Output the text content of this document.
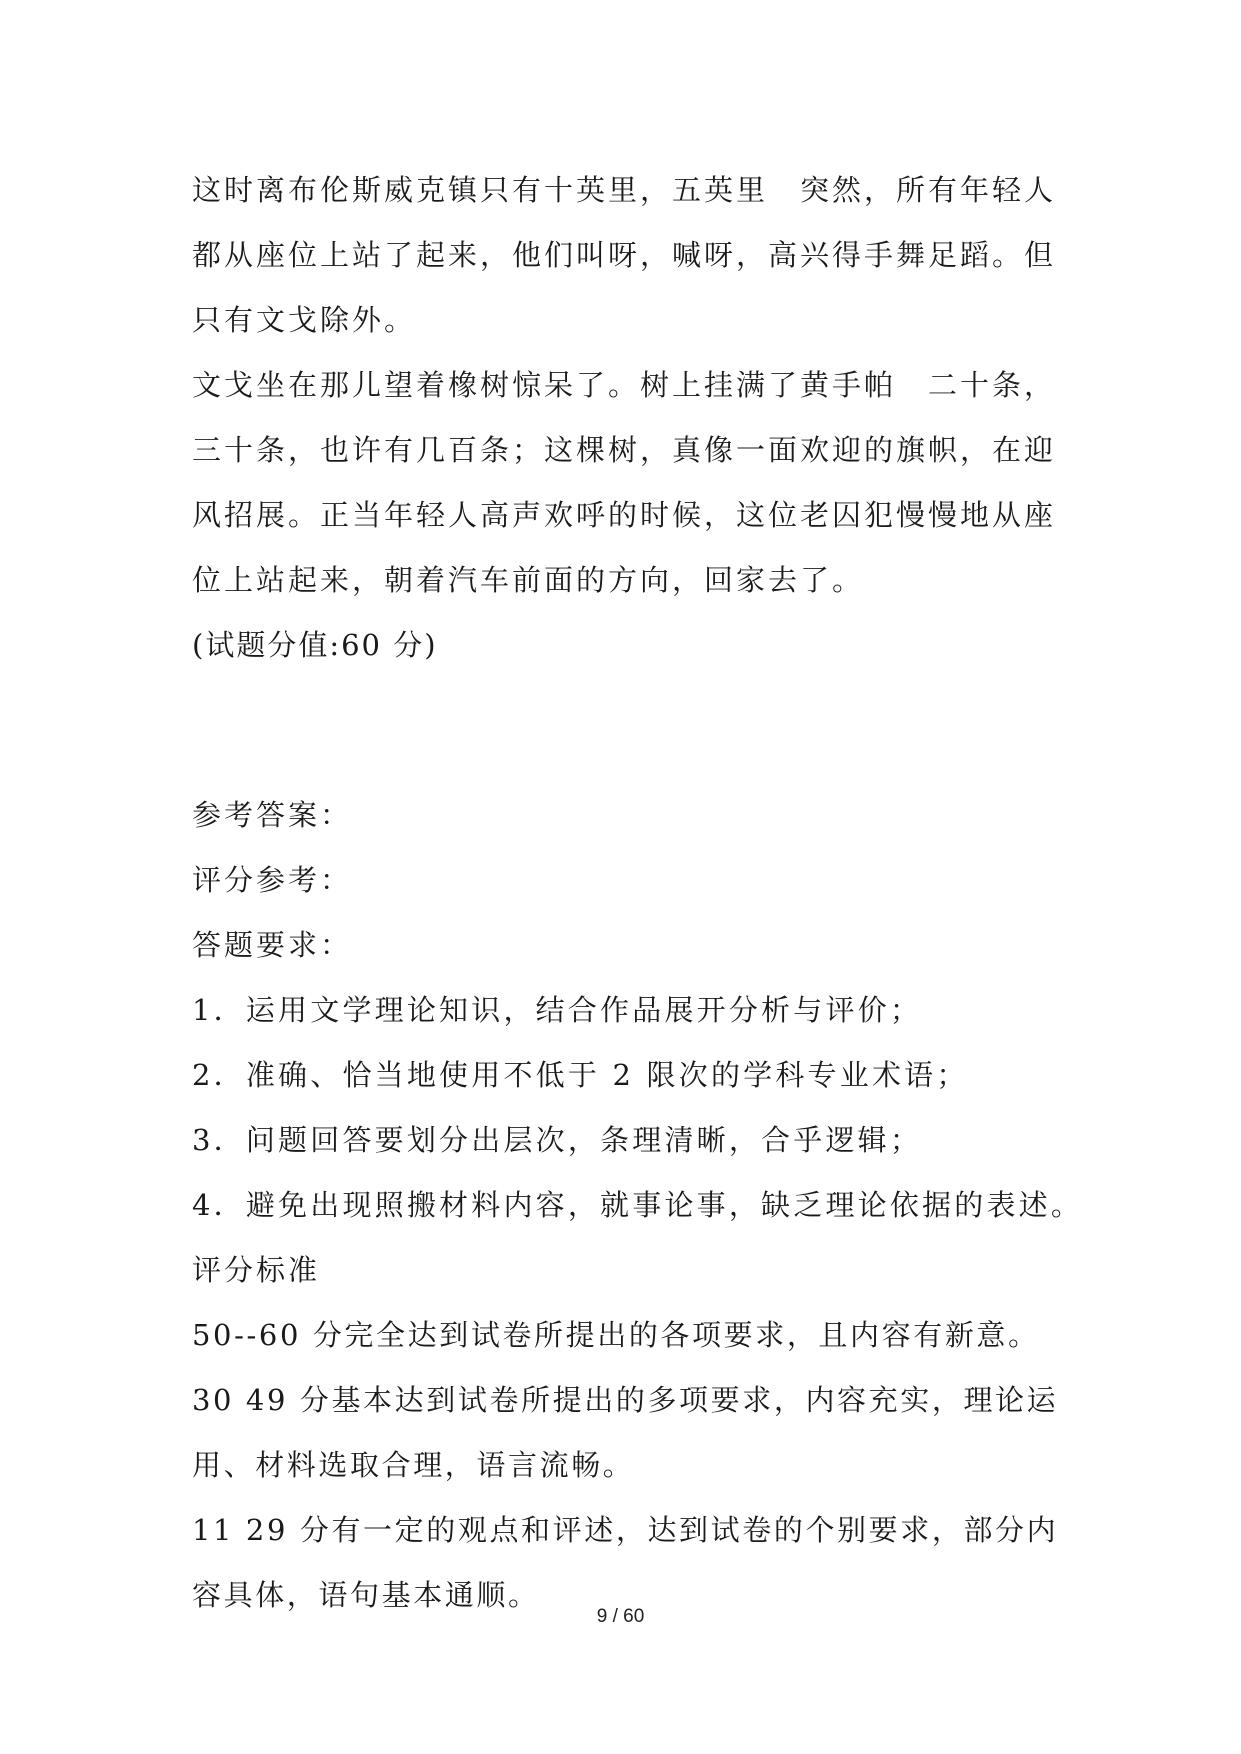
这时离布伦斯威克镇只有十英里，五英里　突然，所有年轻人都从座位上站了起来，他们叫呀，喊呀，高兴得手舞足蹈。但只有文戈除外。

文戈坐在那儿望着橡树惊呆了。树上挂满了黄手帕　二十条，三十条，也许有几百条；这棵树，真像一面欢迎的旗帜，在迎风招展。正当年轻人高声欢呼的时候，这位老囚犯慢慢地从座位上站起来，朝着汽车前面的方向，回家去了。

(试题分值:60 分)

参考答案：

评分参考：

答题要求：

1．运用文学理论知识，结合作品展开分析与评价；

2．准确、恰当地使用不低于 2 限次的学科专业术语；

3．问题回答要划分出层次，条理清晰，合乎逻辑；

4．避免出现照搬材料内容，就事论事，缺乏理论依据的表述。

评分标准

50--60 分完全达到试卷所提出的各项要求，且内容有新意。

30 49 分基本达到试卷所提出的多项要求，内容充实，理论运用、材料选取合理，语言流畅。

11 29 分有一定的观点和评述，达到试卷的个别要求，部分内容具体，语句基本通顺。

9 / 60
